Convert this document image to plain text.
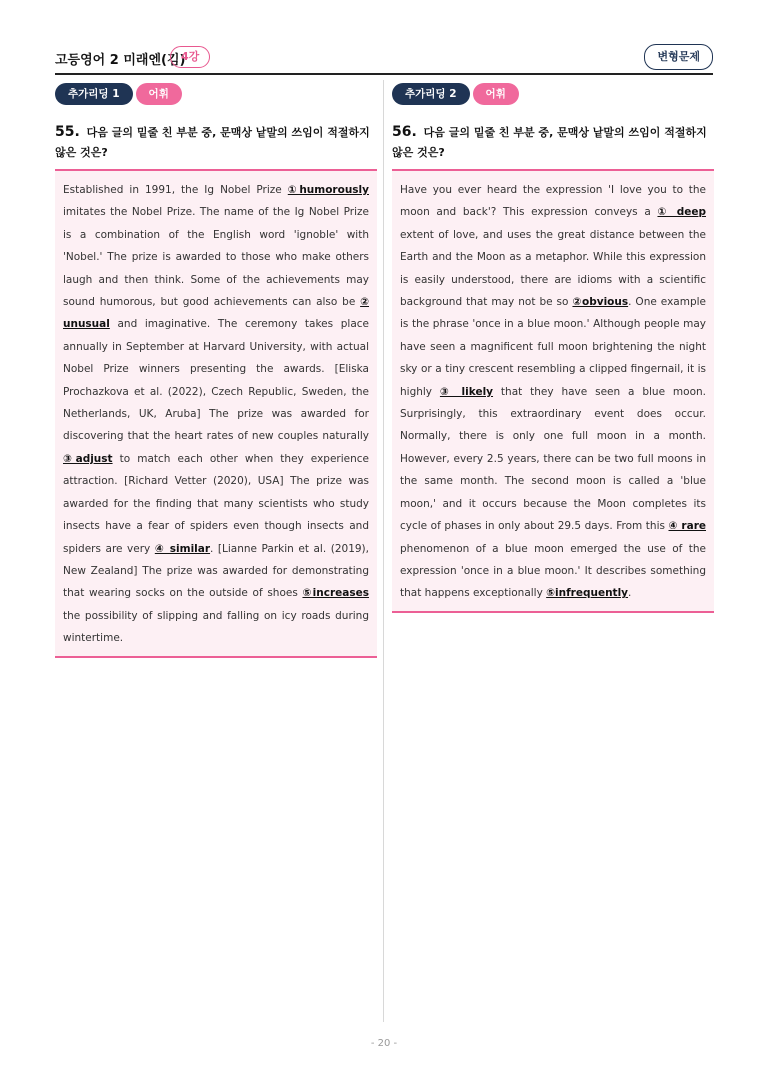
고등영어 2 미래엔(김)
4강	변형문제
추가리딩 1	어휘
55. 다음 글의 밑줄 친 부분 중, 문맥상 낱말의 쓰임이 적절하지 않은 것은?
Established in 1991, the Ig Nobel Prize ①humorously imitates the Nobel Prize. The name of the Ig Nobel Prize is a combination of the English word 'ignoble' with 'Nobel.' The prize is awarded to those who make others laugh and then think. Some of the achievements may sound humorous, but good achievements can also be ② unusual and imaginative. The ceremony takes place annually in September at Harvard University, with actual Nobel Prize winners presenting the awards. [Eliska Prochazkova et al. (2022), Czech Republic, Sweden, the Netherlands, UK, Aruba] The prize was awarded for discovering that the heart rates of new couples naturally ③adjust to match each other when they experience attraction. [Richard Vetter (2020), USA] The prize was awarded for the finding that many scientists who study insects have a fear of spiders even though insects and spiders are very ④ similar. [Lianne Parkin et al. (2019), New Zealand] The prize was awarded for demonstrating that wearing socks on the outside of shoes ⑤increases the possibility of slipping and falling on icy roads during wintertime.
추가리딩 2	어휘
56. 다음 글의 밑줄 친 부분 중, 문맥상 낱말의 쓰임이 적절하지 않은 것은?
Have you ever heard the expression 'I love you to the moon and back'? This expression conveys a ① deep extent of love, and uses the great distance between the Earth and the Moon as a metaphor. While this expression is easily understood, there are idioms with a scientific background that may not be so ②obvious. One example is the phrase 'once in a blue moon.' Although people may have seen a magnificent full moon brightening the night sky or a tiny crescent resembling a clipped fingernail, it is highly ③ likely that they have seen a blue moon. Surprisingly, this extraordinary event does occur. Normally, there is only one full moon in a month. However, every 2.5 years, there can be two full moons in the same month. The second moon is called a 'blue moon,' and it occurs because the Moon completes its cycle of phases in only about 29.5 days. From this ④ rare phenomenon of a blue moon emerged the use of the expression 'once in a blue moon.' It describes something that happens exceptionally ⑤infrequently.
- 20 -
